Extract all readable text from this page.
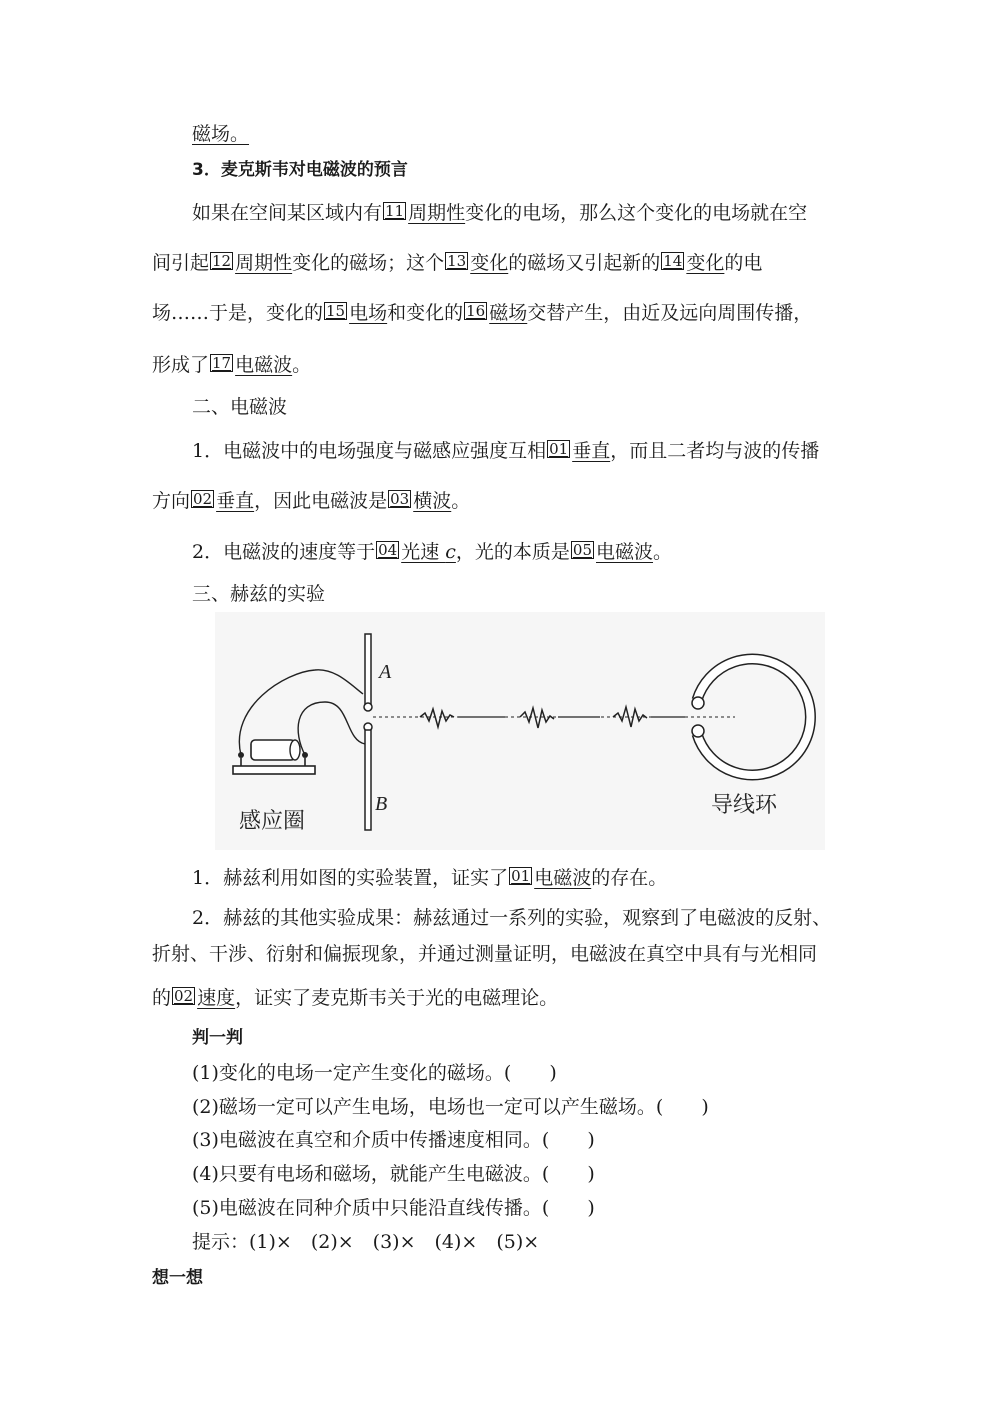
磁场。
3．麦克斯韦对电磁波的预言
如果在空间某区域内有 11 周期性变化的电场，那么这个变化的电场就在空
间引起 12 周期性变化的磁场；这个 13 变化的磁场又引起新的 14 变化的电
场……于是，变化的 15 电场和变化的 16 磁场交替产生，由近及远向周围传播，
形成了 17 电磁波。
二、电磁波
1．电磁波中的电场强度与磁感应强度互相 01 垂直，而且二者均与波的传播
方向 02 垂直，因此电磁波是 03 横波。
2．电磁波的速度等于 04 光速 c，光的本质是 05 电磁波。
三、赫兹的实验
A
B
感应圈
导线环
1．赫兹利用如图的实验装置，证实了 01 电磁波的存在。
2．赫兹的其他实验成果：赫兹通过一系列的实验，观察到了电磁波的反射、
折射、干涉、衍射和偏振现象，并通过测量证明，电磁波在真空中具有与光相同
的 02 速度，证实了麦克斯韦关于光的电磁理论。
判一判
(1)变化的电场一定产生变化的磁场。(　　)
(2)磁场一定可以产生电场，电场也一定可以产生磁场。(　　)
(3)电磁波在真空和介质中传播速度相同。(　　)
(4)只要有电场和磁场，就能产生电磁波。(　　)
(5)电磁波在同种介质中只能沿直线传播。(　　)
提示：(1)×　(2)×　(3)×　(4)×　(5)×
想一想
